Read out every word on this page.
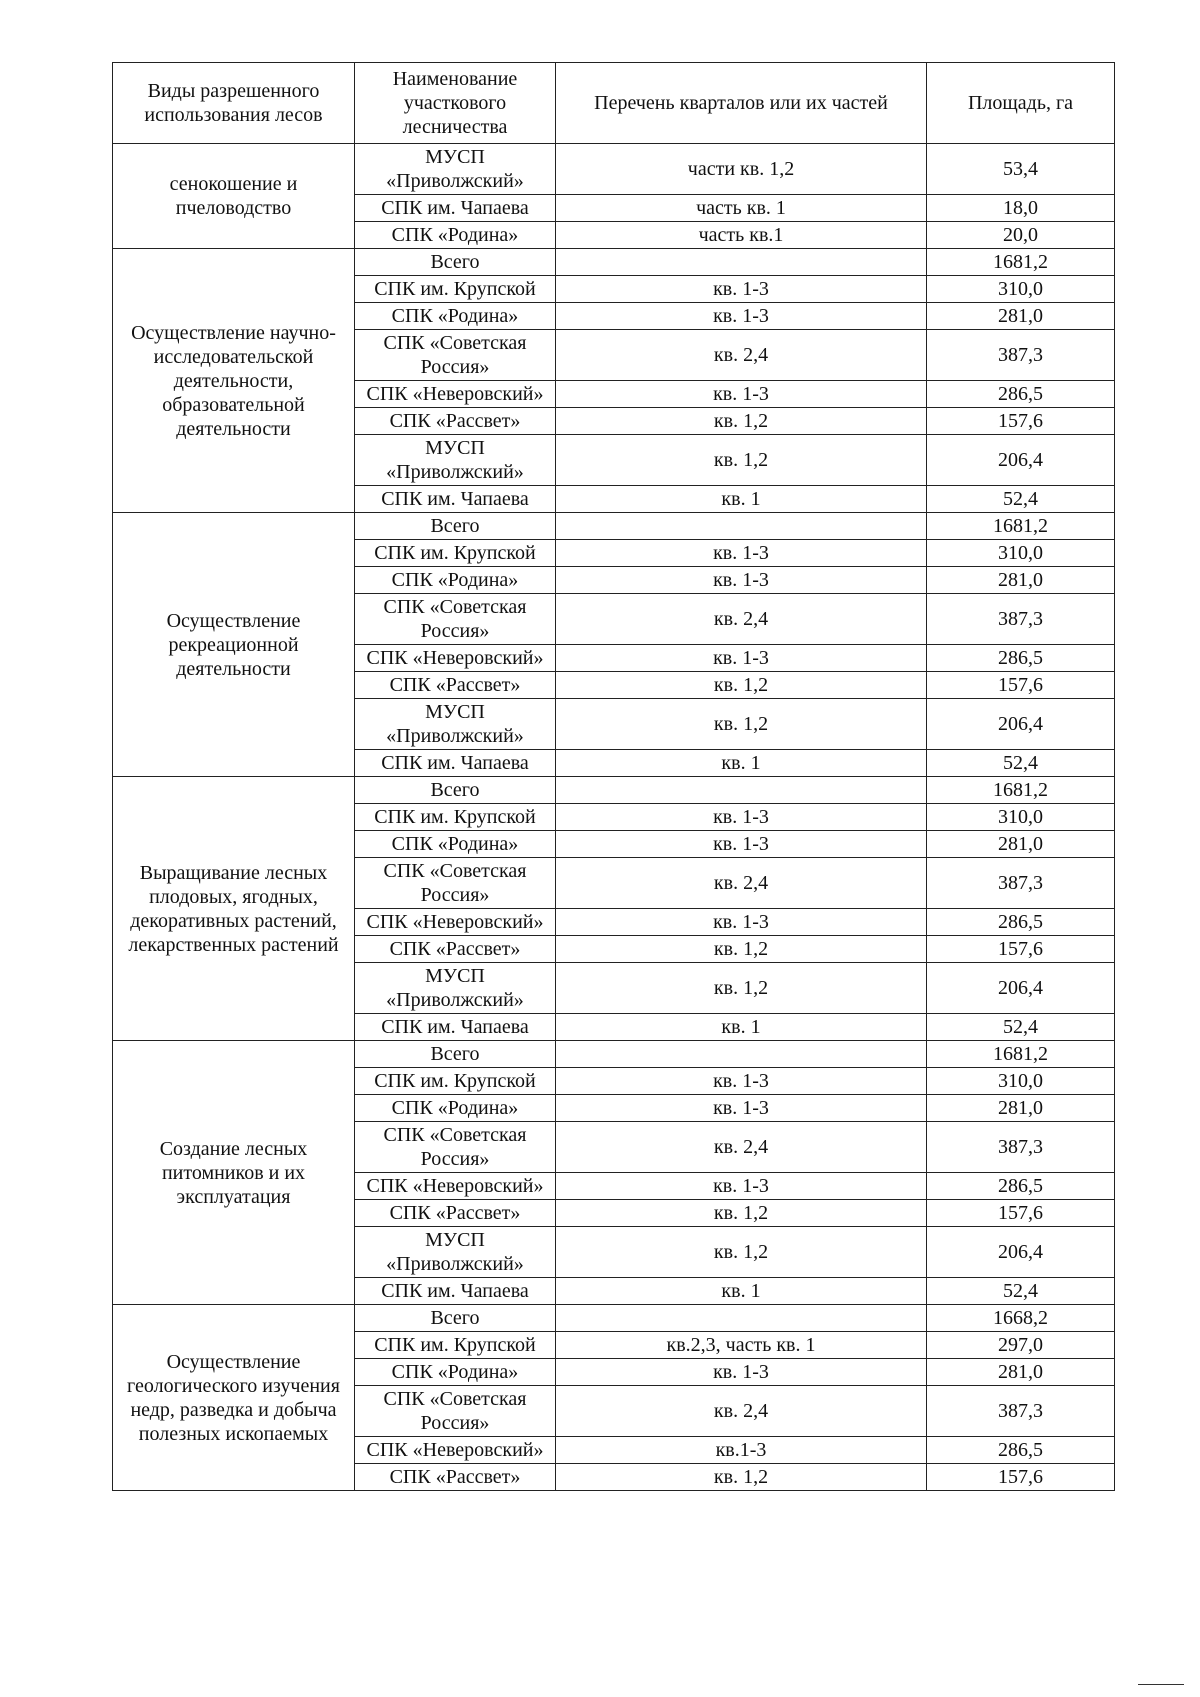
Виды разрешенного использования лесов	Наименование участкового лесничества	Перечень кварталов или их частей	Площадь, га
сенокошение и пчеловодство	МУСП «Приволжский»	части кв. 1,2	53,4
	СПК им. Чапаева	часть кв. 1	18,0
	СПК «Родина»	часть кв.1	20,0
Осуществление научно-исследовательской деятельности, образовательной деятельности	Всего		1681,2
	СПК им. Крупской	кв. 1-3	310,0
	СПК «Родина»	кв. 1-3	281,0
	СПК «Советская Россия»	кв. 2,4	387,3
	СПК «Неверовский»	кв. 1-3	286,5
	СПК «Рассвет»	кв. 1,2	157,6
	МУСП «Приволжский»	кв. 1,2	206,4
	СПК им. Чапаева	кв. 1	52,4
Осуществление рекреационной деятельности	Всего		1681,2
	СПК им. Крупской	кв. 1-3	310,0
	СПК «Родина»	кв. 1-3	281,0
	СПК «Советская Россия»	кв. 2,4	387,3
	СПК «Неверовский»	кв. 1-3	286,5
	СПК «Рассвет»	кв. 1,2	157,6
	МУСП «Приволжский»	кв. 1,2	206,4
	СПК им. Чапаева	кв. 1	52,4
Выращивание лесных плодовых, ягодных, декоративных растений, лекарственных растений	Всего		1681,2
	СПК им. Крупской	кв. 1-3	310,0
	СПК «Родина»	кв. 1-3	281,0
	СПК «Советская Россия»	кв. 2,4	387,3
	СПК «Неверовский»	кв. 1-3	286,5
	СПК «Рассвет»	кв. 1,2	157,6
	МУСП «Приволжский»	кв. 1,2	206,4
	СПК им. Чапаева	кв. 1	52,4
Создание лесных питомников и их эксплуатация	Всего		1681,2
	СПК им. Крупской	кв. 1-3	310,0
	СПК «Родина»	кв. 1-3	281,0
	СПК «Советская Россия»	кв. 2,4	387,3
	СПК «Неверовский»	кв. 1-3	286,5
	СПК «Рассвет»	кв. 1,2	157,6
	МУСП «Приволжский»	кв. 1,2	206,4
	СПК им. Чапаева	кв. 1	52,4
Осуществление геологического изучения недр, разведка и добыча полезных ископаемых	Всего		1668,2
	СПК им. Крупской	кв.2,3, часть кв. 1	297,0
	СПК «Родина»	кв. 1-3	281,0
	СПК «Советская Россия»	кв. 2,4	387,3
	СПК «Неверовский»	кв.1-3	286,5
	СПК «Рассвет»	кв. 1,2	157,6
